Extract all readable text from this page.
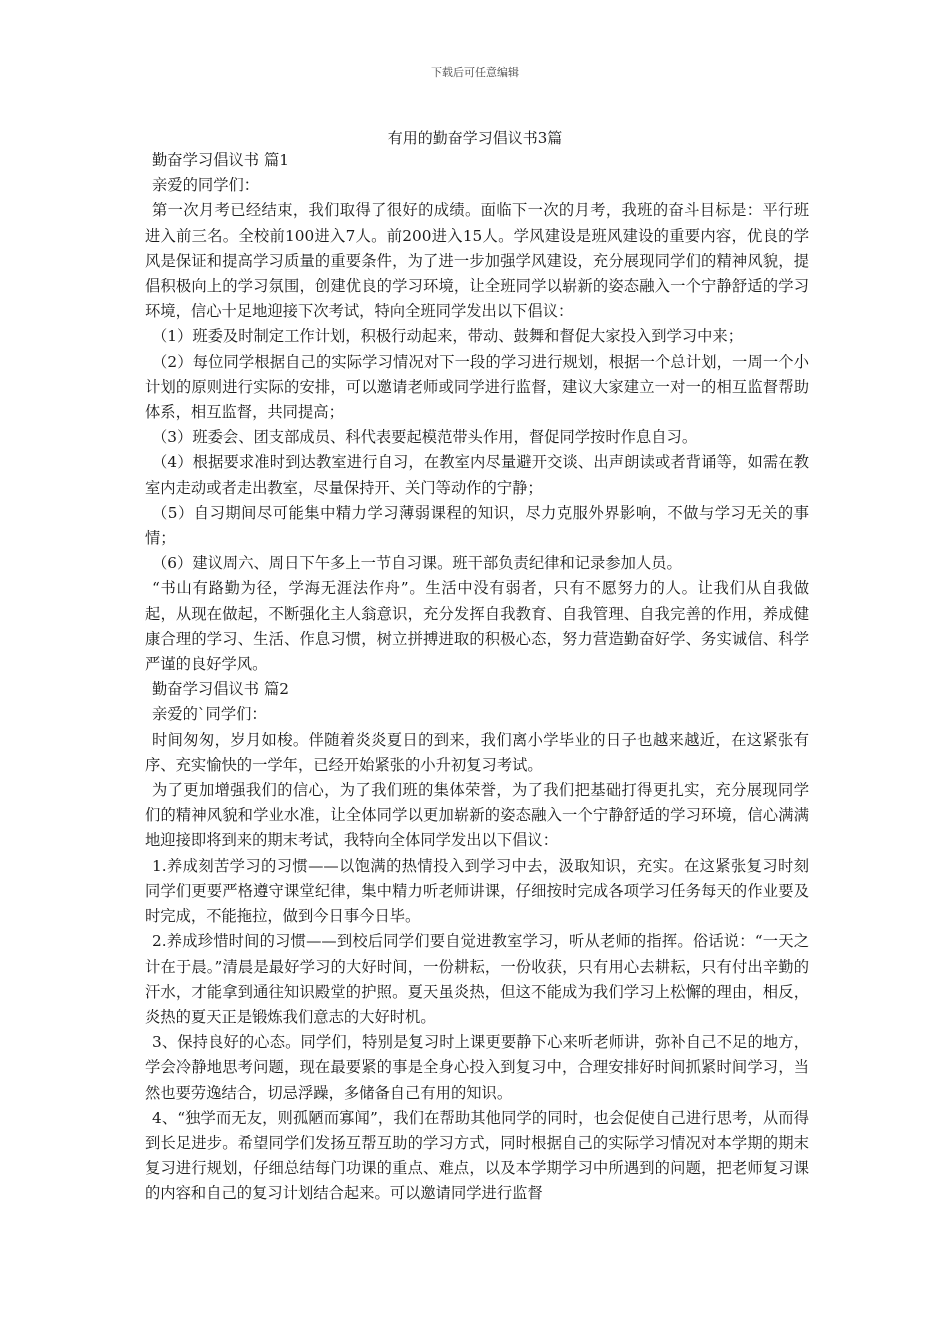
下载后可任意编辑
有用的勤奋学习倡议书3篇

勤奋学习倡议书 篇1

亲爱的同学们：

第一次月考已经结束，我们取得了很好的成绩。面临下一次的月考，我班的奋斗目标是：平行班进入前三名。全校前100进入7人。前200进入15人。学风建设是班风建设的重要内容，优良的学风是保证和提高学习质量的重要条件，为了进一步加强学风建设，充分展现同学们的精神风貌，提倡积极向上的学习氛围，创建优良的学习环境，让全班同学以崭新的姿态融入一个宁静舒适的学习环境，信心十足地迎接下次考试，特向全班同学发出以下倡议：

（1）班委及时制定工作计划，积极行动起来，带动、鼓舞和督促大家投入到学习中来；

（2）每位同学根据自己的实际学习情况对下一段的学习进行规划，根据一个总计划，一周一个小计划的原则进行实际的安排，可以邀请老师或同学进行监督，建议大家建立一对一的相互监督帮助体系，相互监督，共同提高；

（3）班委会、团支部成员、科代表要起模范带头作用，督促同学按时作息自习。

（4）根据要求准时到达教室进行自习，在教室内尽量避开交谈、出声朗读或者背诵等，如需在教室内走动或者走出教室，尽量保持开、关门等动作的宁静；

（5）自习期间尽可能集中精力学习薄弱课程的知识，尽力克服外界影响，不做与学习无关的事情；

（6）建议周六、周日下午多上一节自习课。班干部负责纪律和记录参加人员。

“书山有路勤为径，学海无涯法作舟”。生活中没有弱者，只有不愿努力的人。让我们从自我做起，从现在做起，不断强化主人翁意识，充分发挥自我教育、自我管理、自我完善的作用，养成健康合理的学习、生活、作息习惯，树立拼搏进取的积极心态，努力营造勤奋好学、务实诚信、科学严谨的良好学风。

勤奋学习倡议书 篇2

亲爱的`同学们：

时间匆匆，岁月如梭。伴随着炎炎夏日的到来，我们离小学毕业的日子也越来越近，在这紧张有序、充实愉快的一学年，已经开始紧张的小升初复习考试。

为了更加增强我们的信心，为了我们班的集体荣誉，为了我们把基础打得更扎实，充分展现同学们的精神风貌和学业水准，让全体同学以更加崭新的姿态融入一个宁静舒适的学习环境，信心满满地迎接即将到来的期末考试，我特向全体同学发出以下倡议：

1.养成刻苦学习的习惯——以饱满的热情投入到学习中去，汲取知识，充实。在这紧张复习时刻同学们更要严格遵守课堂纪律，集中精力听老师讲课，仔细按时完成各项学习任务每天的作业要及时完成，不能拖拉，做到今日事今日毕。

2.养成珍惜时间的习惯——到校后同学们要自觉进教室学习，听从老师的指挥。俗话说：“一天之计在于晨。”清晨是最好学习的大好时间，一份耕耘，一份收获，只有用心去耕耘，只有付出辛勤的汗水，才能拿到通往知识殿堂的护照。夏天虽炎热，但这不能成为我们学习上松懈的理由，相反，炎热的夏天正是锻炼我们意志的大好时机。

3、保持良好的心态。同学们，特别是复习时上课更要静下心来听老师讲，弥补自己不足的地方，学会冷静地思考问题，现在最要紧的事是全身心投入到复习中，合理安排好时间抓紧时间学习，当然也要劳逸结合，切忌浮躁，多储备自己有用的知识。

4、“独学而无友，则孤陋而寡闻”，我们在帮助其他同学的同时，也会促使自己进行思考，从而得到长足进步。希望同学们发扬互帮互助的学习方式，同时根据自己的实际学习情况对本学期的期末复习进行规划，仔细总结每门功课的重点、难点，以及本学期学习中所遇到的问题，把老师复习课的内容和自己的复习计划结合起来。可以邀请同学进行监督
